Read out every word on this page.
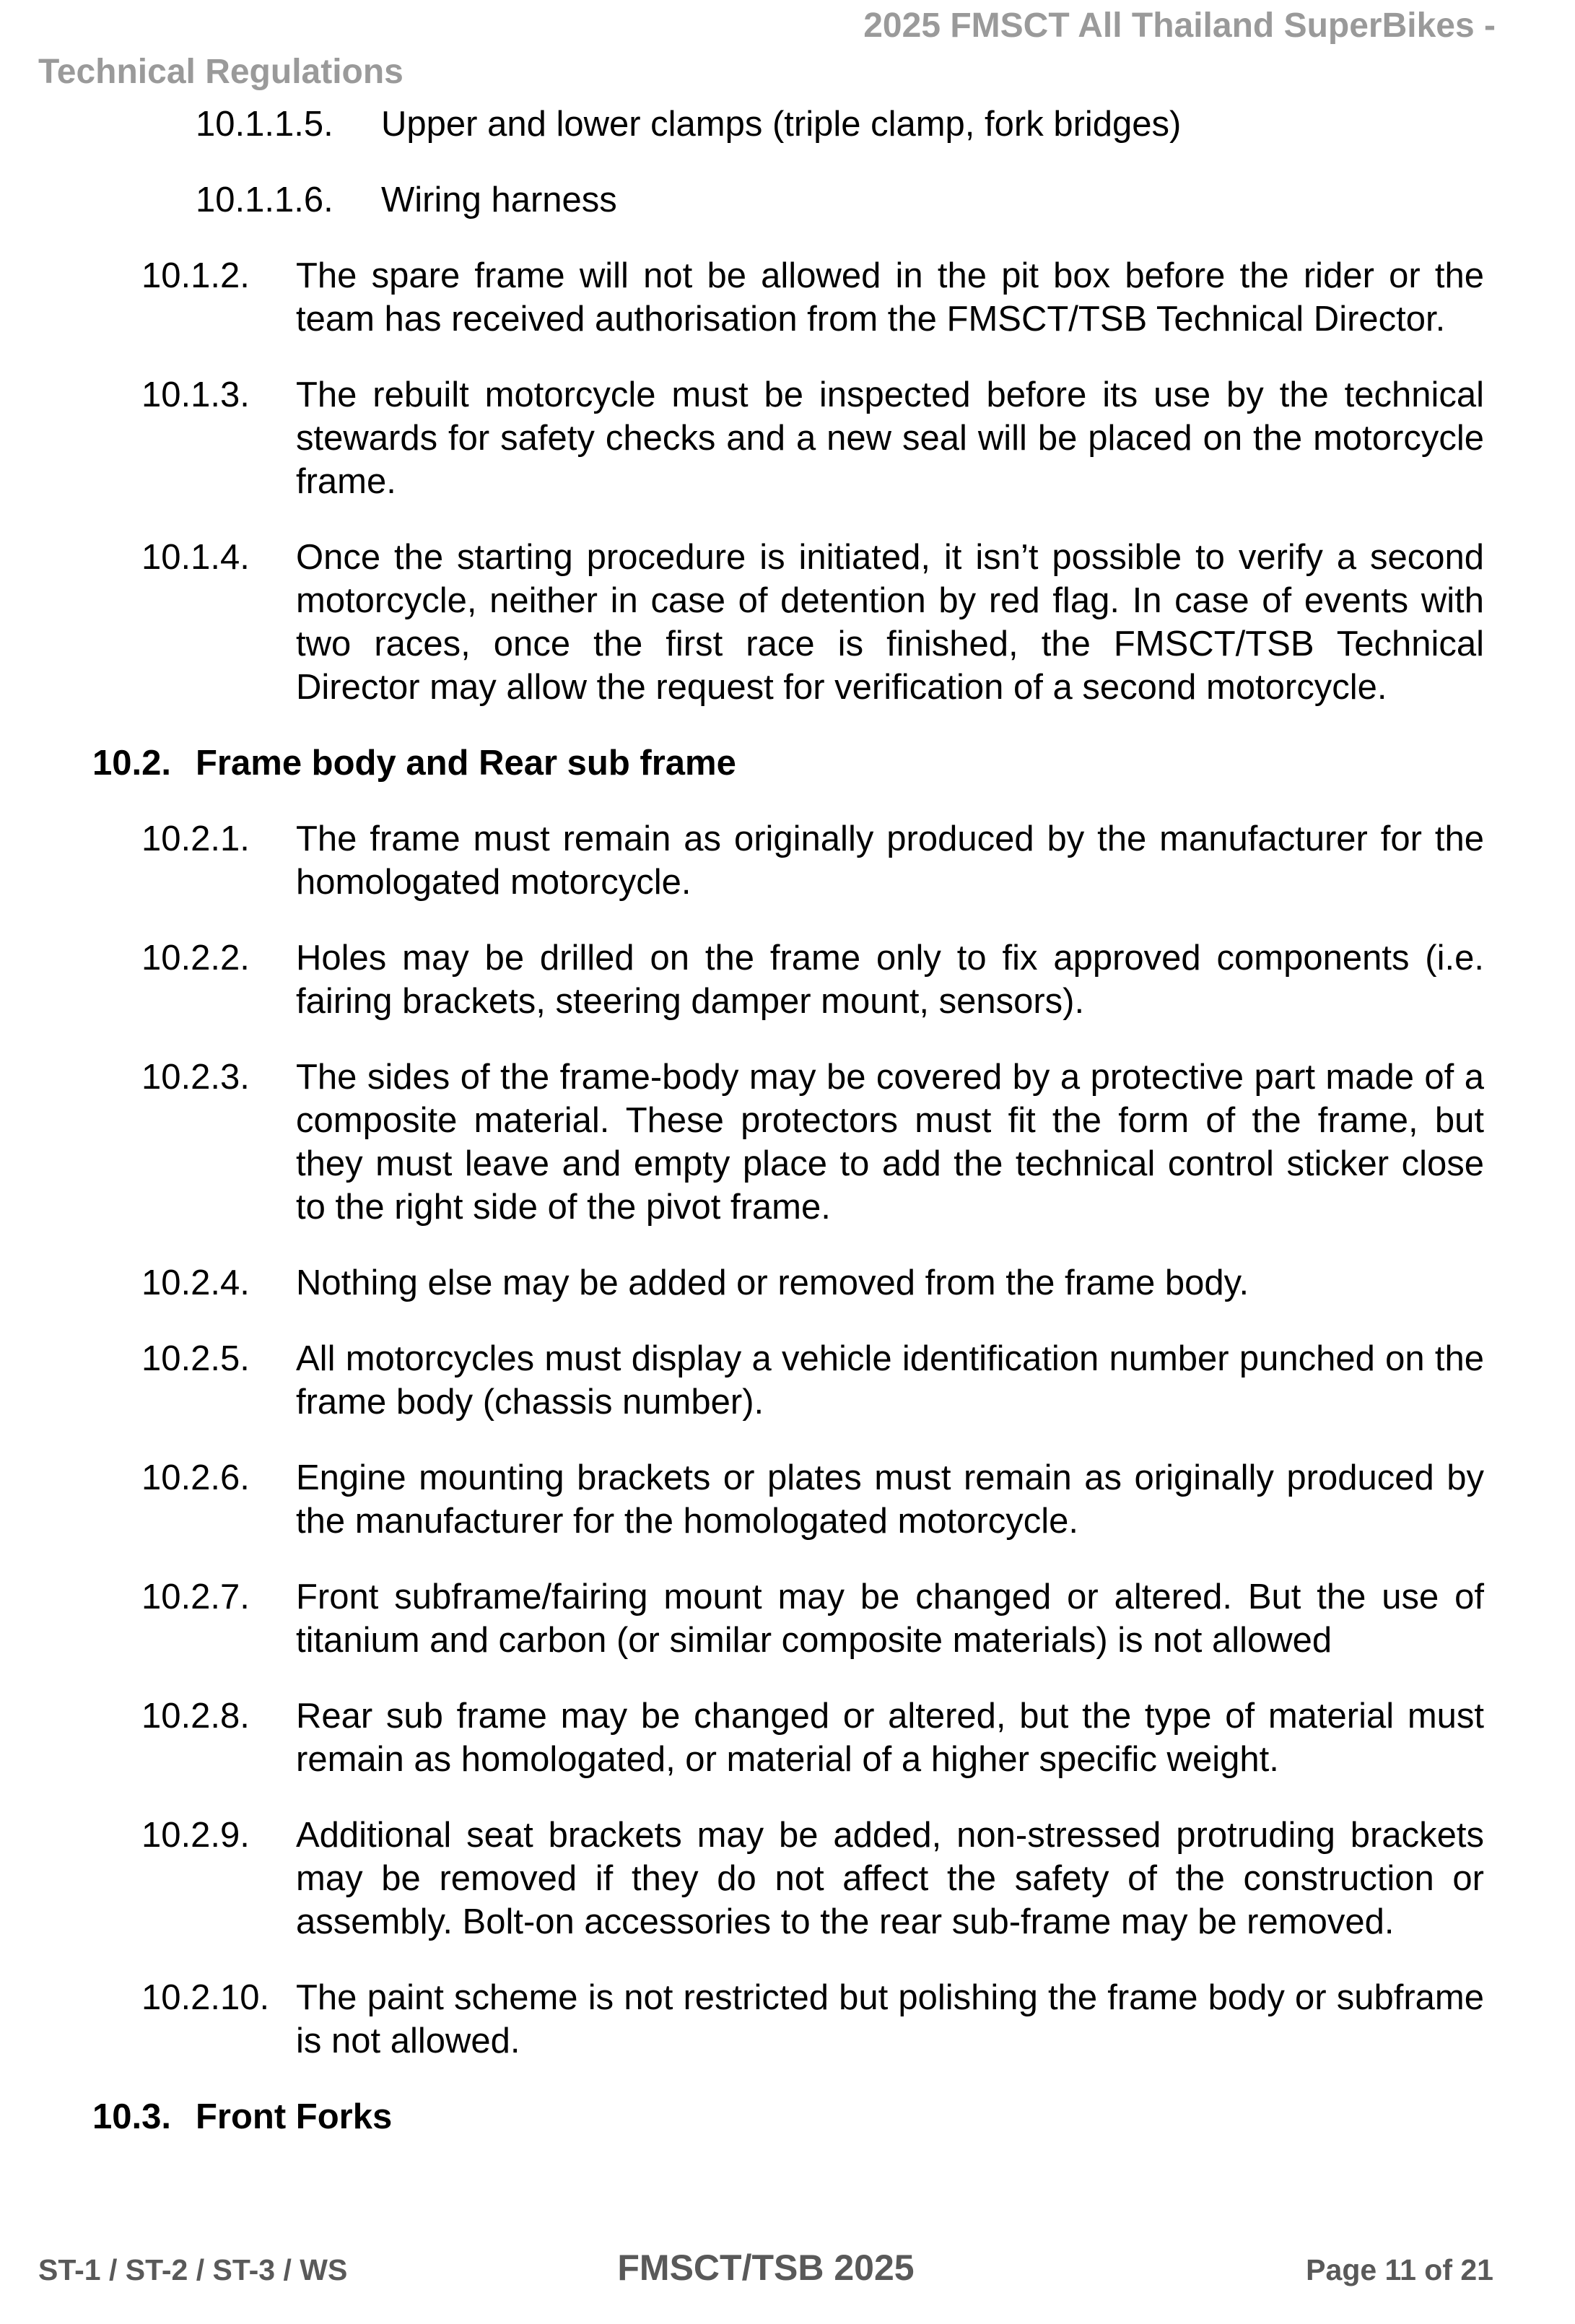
2025 FMSCT All Thailand SuperBikes -
Technical Regulations
10.1.1.5.	Upper and lower clamps (triple clamp, fork bridges)
10.1.1.6.	Wiring harness
10.1.2.	The spare frame will not be allowed in the pit box before the rider or the team has received authorisation from the FMSCT/TSB Technical Director.
10.1.3.	The rebuilt motorcycle must be inspected before its use by the technical stewards for safety checks and a new seal will be placed on the motorcycle frame.
10.1.4.	Once the starting procedure is initiated, it isn’t possible to verify a second motorcycle, neither in case of detention by red flag. In case of events with two races, once the first race is finished, the FMSCT/TSB Technical Director may allow the request for verification of a second motorcycle.
10.2. Frame body and Rear sub frame
10.2.1.	The frame must remain as originally produced by the manufacturer for the homologated motorcycle.
10.2.2.	Holes may be drilled on the frame only to fix approved components (i.e. fairing brackets, steering damper mount, sensors).
10.2.3.	The sides of the frame-body may be covered by a protective part made of a composite material. These protectors must fit the form of the frame, but they must leave and empty place to add the technical control sticker close to the right side of the pivot frame.
10.2.4.	Nothing else may be added or removed from the frame body.
10.2.5.	All motorcycles must display a vehicle identification number punched on the frame body (chassis number).
10.2.6.	Engine mounting brackets or plates must remain as originally produced by the manufacturer for the homologated motorcycle.
10.2.7.	Front subframe/fairing mount may be changed or altered. But the use of titanium and carbon (or similar composite materials) is not allowed
10.2.8.	Rear sub frame may be changed or altered, but the type of material must remain as homologated, or material of a higher specific weight.
10.2.9.	Additional seat brackets may be added, non-stressed protruding brackets may be removed if they do not affect the safety of the construction or assembly. Bolt-on accessories to the rear sub-frame may be removed.
10.2.10. The paint scheme is not restricted but polishing the frame body or subframe is not allowed.
10.3. Front Forks
ST-1 / ST-2 / ST-3 / WS	FMSCT/TSB 2025	Page 11 of 21
